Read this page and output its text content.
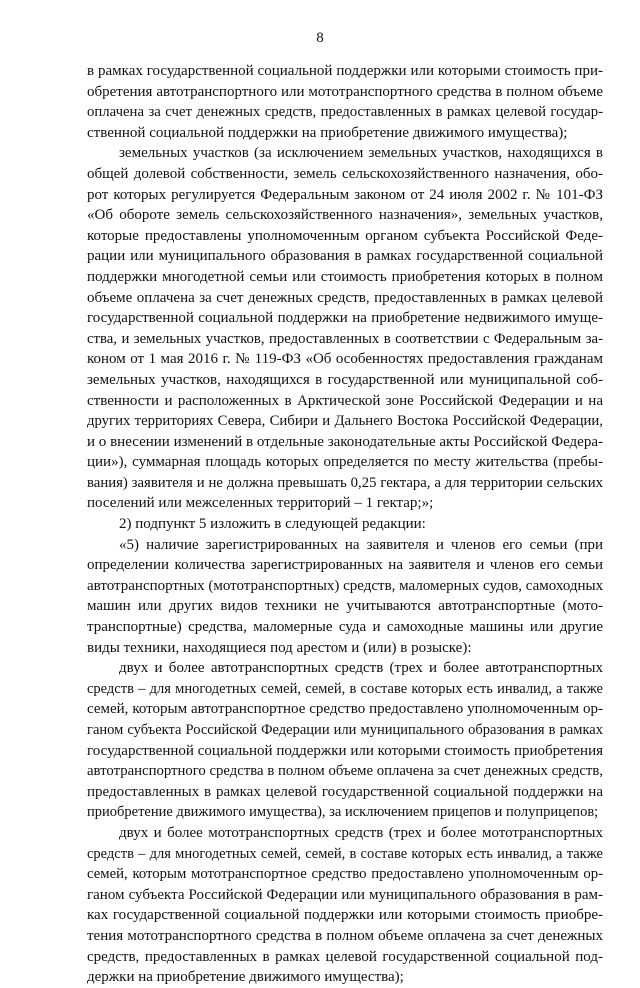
8
в рамках государственной социальной поддержки или которыми стоимость при-
обретения автотранспортного или мототранспортного средства в полном объеме
оплачена за счет денежных средств, предоставленных в рамках целевой государ-
ственной социальной поддержки на приобретение движимого имущества);
земельных участков (за исключением земельных участков, находящихся в
общей долевой собственности, земель сельскохозяйственного назначения, обо-
рот которых регулируется Федеральным законом от 24 июля 2002 г. № 101-ФЗ
«Об обороте земель сельскохозяйственного назначения», земельных участков,
которые предоставлены уполномоченным органом субъекта Российской Феде-
рации или муниципального образования в рамках государственной социальной
поддержки многодетной семьи или стоимость приобретения которых в полном
объеме оплачена за счет денежных средств, предоставленных в рамках целевой
государственной социальной поддержки на приобретение недвижимого имуще-
ства, и земельных участков, предоставленных в соответствии с Федеральным за-
коном от 1 мая 2016 г. № 119-ФЗ «Об особенностях предоставления гражданам
земельных участков, находящихся в государственной или муниципальной соб-
ственности и расположенных в Арктической зоне Российской Федерации и на
других территориях Севера, Сибири и Дальнего Востока Российской Федерации,
и о внесении изменений в отдельные законодательные акты Российской Федера-
ции»), суммарная площадь которых определяется по месту жительства (пребы-
вания) заявителя и не должна превышать 0,25 гектара, а для территории сельских
поселений или межселенных территорий – 1 гектар;»;
2) подпункт 5 изложить в следующей редакции:
«5) наличие зарегистрированных на заявителя и членов его семьи (при
определении количества зарегистрированных на заявителя и членов его семьи
автотранспортных (мототранспортных) средств, маломерных судов, самоходных
машин или других видов техники не учитываются автотранспортные (мото-
транспортные) средства, маломерные суда и самоходные машины или другие
виды техники, находящиеся под арестом и (или) в розыске):
двух и более автотранспортных средств (трех и более автотранспортных
средств – для многодетных семей, семей, в составе которых есть инвалид, а также
семей, которым автотранспортное средство предоставлено уполномоченным ор-
ганом субъекта Российской Федерации или муниципального образования в рамках
государственной социальной поддержки или которыми стоимость приобретения
автотранспортного средства в полном объеме оплачена за счет денежных средств,
предоставленных в рамках целевой государственной социальной поддержки на
приобретение движимого имущества), за исключением прицепов и полуприцепов;
двух и более мототранспортных средств (трех и более мототранспортных
средств – для многодетных семей, семей, в составе которых есть инвалид, а также
семей, которым мототранспортное средство предоставлено уполномоченным ор-
ганом субъекта Российской Федерации или муниципального образования в рам-
ках государственной социальной поддержки или которыми стоимость приобре-
тения мототранспортного средства в полном объеме оплачена за счет денежных
средств, предоставленных в рамках целевой государственной социальной под-
держки на приобретение движимого имущества);
